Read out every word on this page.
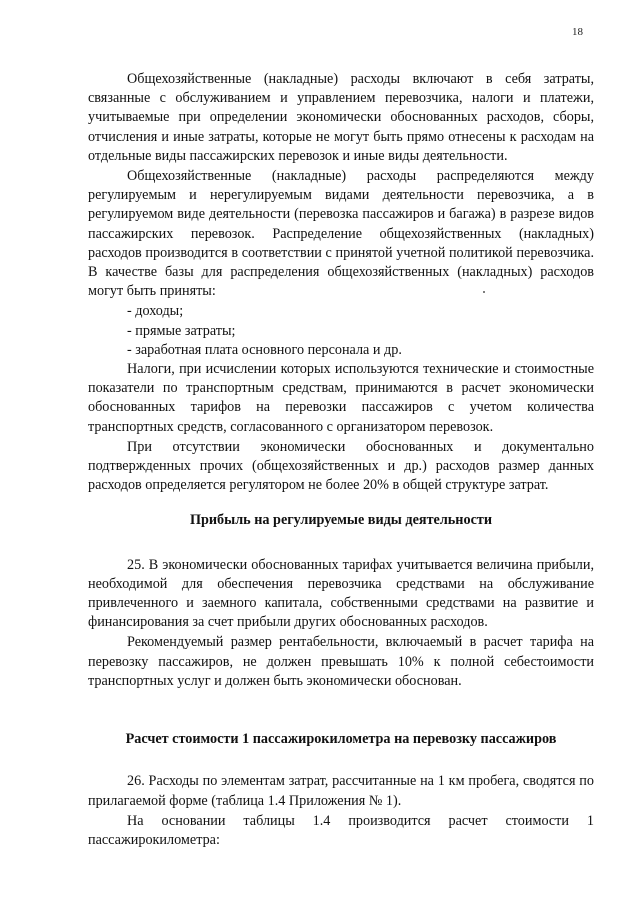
18

Общехозяйственные (накладные) расходы включают в себя затраты, связанные с обслуживанием и управлением перевозчика, налоги и платежи, учитываемые при определении экономически обоснованных расходов, сборы, отчисления и иные затраты, которые не могут быть прямо отнесены к расходам на отдельные виды пассажирских перевозок и иные виды деятельности.

Общехозяйственные (накладные) расходы распределяются между регулируемым и нерегулируемым видами деятельности перевозчика, а в регулируемом виде деятельности (перевозка пассажиров и багажа) в разрезе видов пассажирских перевозок. Распределение общехозяйственных (накладных) расходов производится в соответствии с принятой учетной политикой перевозчика. В качестве базы для распределения общехозяйственных (накладных) расходов могут быть приняты:

- доходы;

- прямые затраты;

- заработная плата основного персонала и др.

Налоги, при исчислении которых используются технические и стоимостные показатели по транспортным средствам, принимаются в расчет экономически обоснованных тарифов на перевозки пассажиров с учетом количества транспортных средств, согласованного с организатором перевозок.

При отсутствии экономически обоснованных и документально подтвержденных прочих (общехозяйственных и др.) расходов размер данных расходов определяется регулятором не более 20% в общей структуре затрат.

Прибыль на регулируемые виды деятельности

25. В экономически обоснованных тарифах учитывается величина прибыли, необходимой для обеспечения перевозчика средствами на обслуживание привлеченного и заемного капитала, собственными средствами на развитие и финансирования за счет прибыли других обоснованных расходов.

Рекомендуемый размер рентабельности, включаемый в расчет тарифа на перевозку пассажиров, не должен превышать 10% к полной себестоимости транспортных услуг и должен быть экономически обоснован.

Расчет стоимости 1 пассажирокилометра на перевозку пассажиров

26. Расходы по элементам затрат, рассчитанные на 1 км пробега, сводятся по прилагаемой форме (таблица 1.4 Приложения № 1).

На основании таблицы 1.4 производится расчет стоимости 1 пассажирокилометра:
